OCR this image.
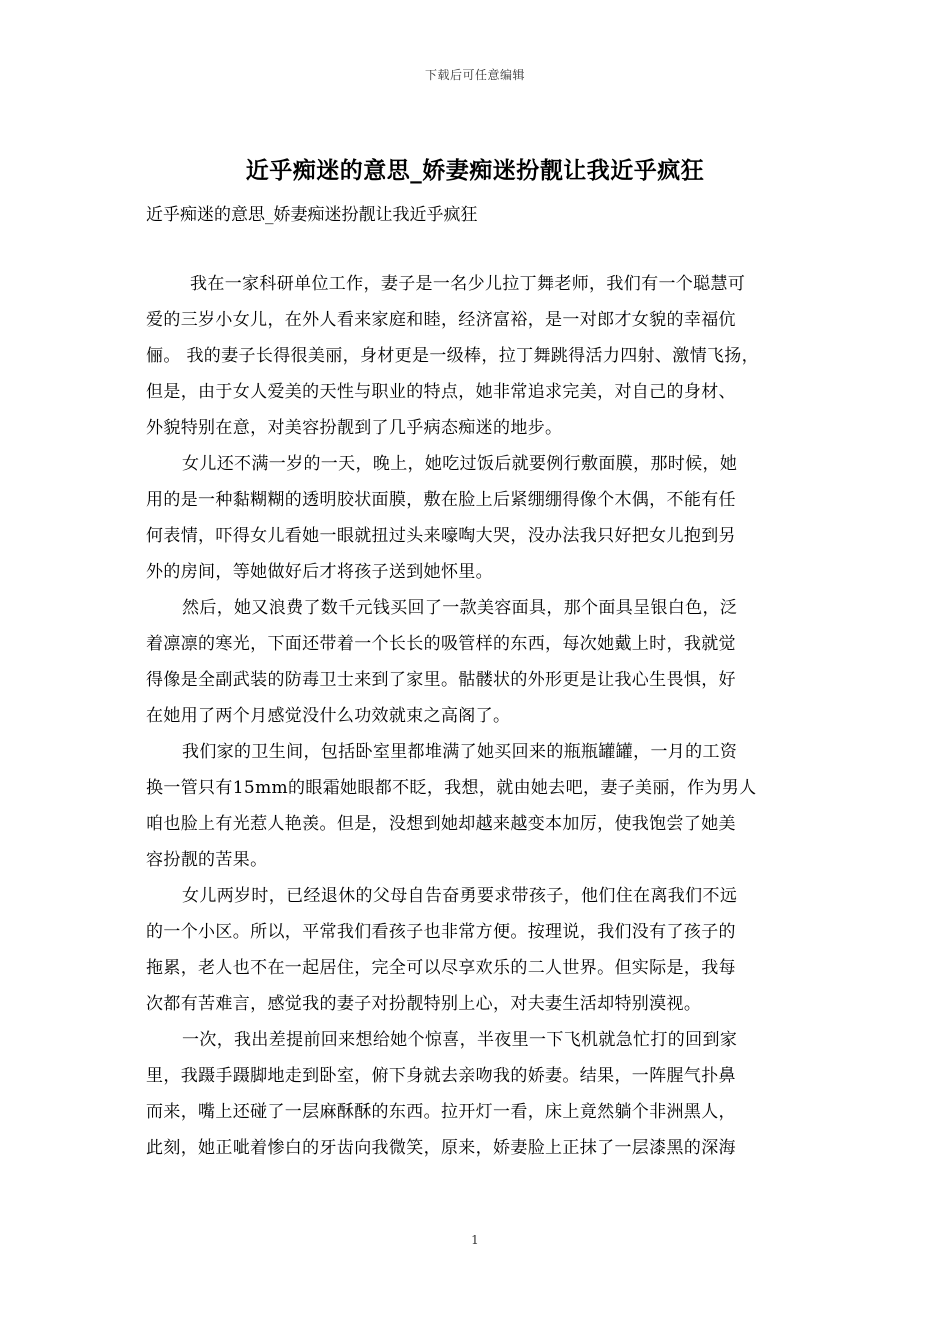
下载后可任意编辑
近乎痴迷的意思_娇妻痴迷扮靓让我近乎疯狂
近乎痴迷的意思_娇妻痴迷扮靓让我近乎疯狂
我在一家科研单位工作，妻子是一名少儿拉丁舞老师，我们有一个聪慧可
爱的三岁小女儿，在外人看来家庭和睦，经济富裕，是一对郎才女貌的幸福伉
俪。 我的妻子长得很美丽，身材更是一级棒，拉丁舞跳得活力四射、激情飞扬，
但是，由于女人爱美的天性与职业的特点，她非常追求完美，对自己的身材、
外貌特别在意，对美容扮靓到了几乎病态痴迷的地步。
女儿还不满一岁的一天，晚上，她吃过饭后就要例行敷面膜，那时候，她
用的是一种黏糊糊的透明胶状面膜，敷在脸上后紧绷绷得像个木偶，不能有任
何表情，吓得女儿看她一眼就扭过头来嚎啕大哭，没办法我只好把女儿抱到另
外的房间，等她做好后才将孩子送到她怀里。
然后，她又浪费了数千元钱买回了一款美容面具，那个面具呈银白色，泛
着凛凛的寒光，下面还带着一个长长的吸管样的东西，每次她戴上时，我就觉
得像是全副武装的防毒卫士来到了家里。骷髅状的外形更是让我心生畏惧，好
在她用了两个月感觉没什么功效就束之高阁了。
我们家的卫生间，包括卧室里都堆满了她买回来的瓶瓶罐罐，一月的工资
换一管只有15mm的眼霜她眼都不眨，我想，就由她去吧，妻子美丽，作为男人
咱也脸上有光惹人艳羡。但是，没想到她却越来越变本加厉，使我饱尝了她美
容扮靓的苦果。
女儿两岁时，已经退休的父母自告奋勇要求带孩子，他们住在离我们不远
的一个小区。所以，平常我们看孩子也非常方便。按理说，我们没有了孩子的
拖累，老人也不在一起居住，完全可以尽享欢乐的二人世界。但实际是，我每
次都有苦难言，感觉我的妻子对扮靓特别上心，对夫妻生活却特别漠视。
一次，我出差提前回来想给她个惊喜，半夜里一下飞机就急忙打的回到家
里，我蹑手蹑脚地走到卧室，俯下身就去亲吻我的娇妻。结果，一阵腥气扑鼻
而来，嘴上还碰了一层麻酥酥的东西。拉开灯一看，床上竟然躺个非洲黑人，
此刻，她正呲着惨白的牙齿向我微笑，原来，娇妻脸上正抹了一层漆黑的深海
1
